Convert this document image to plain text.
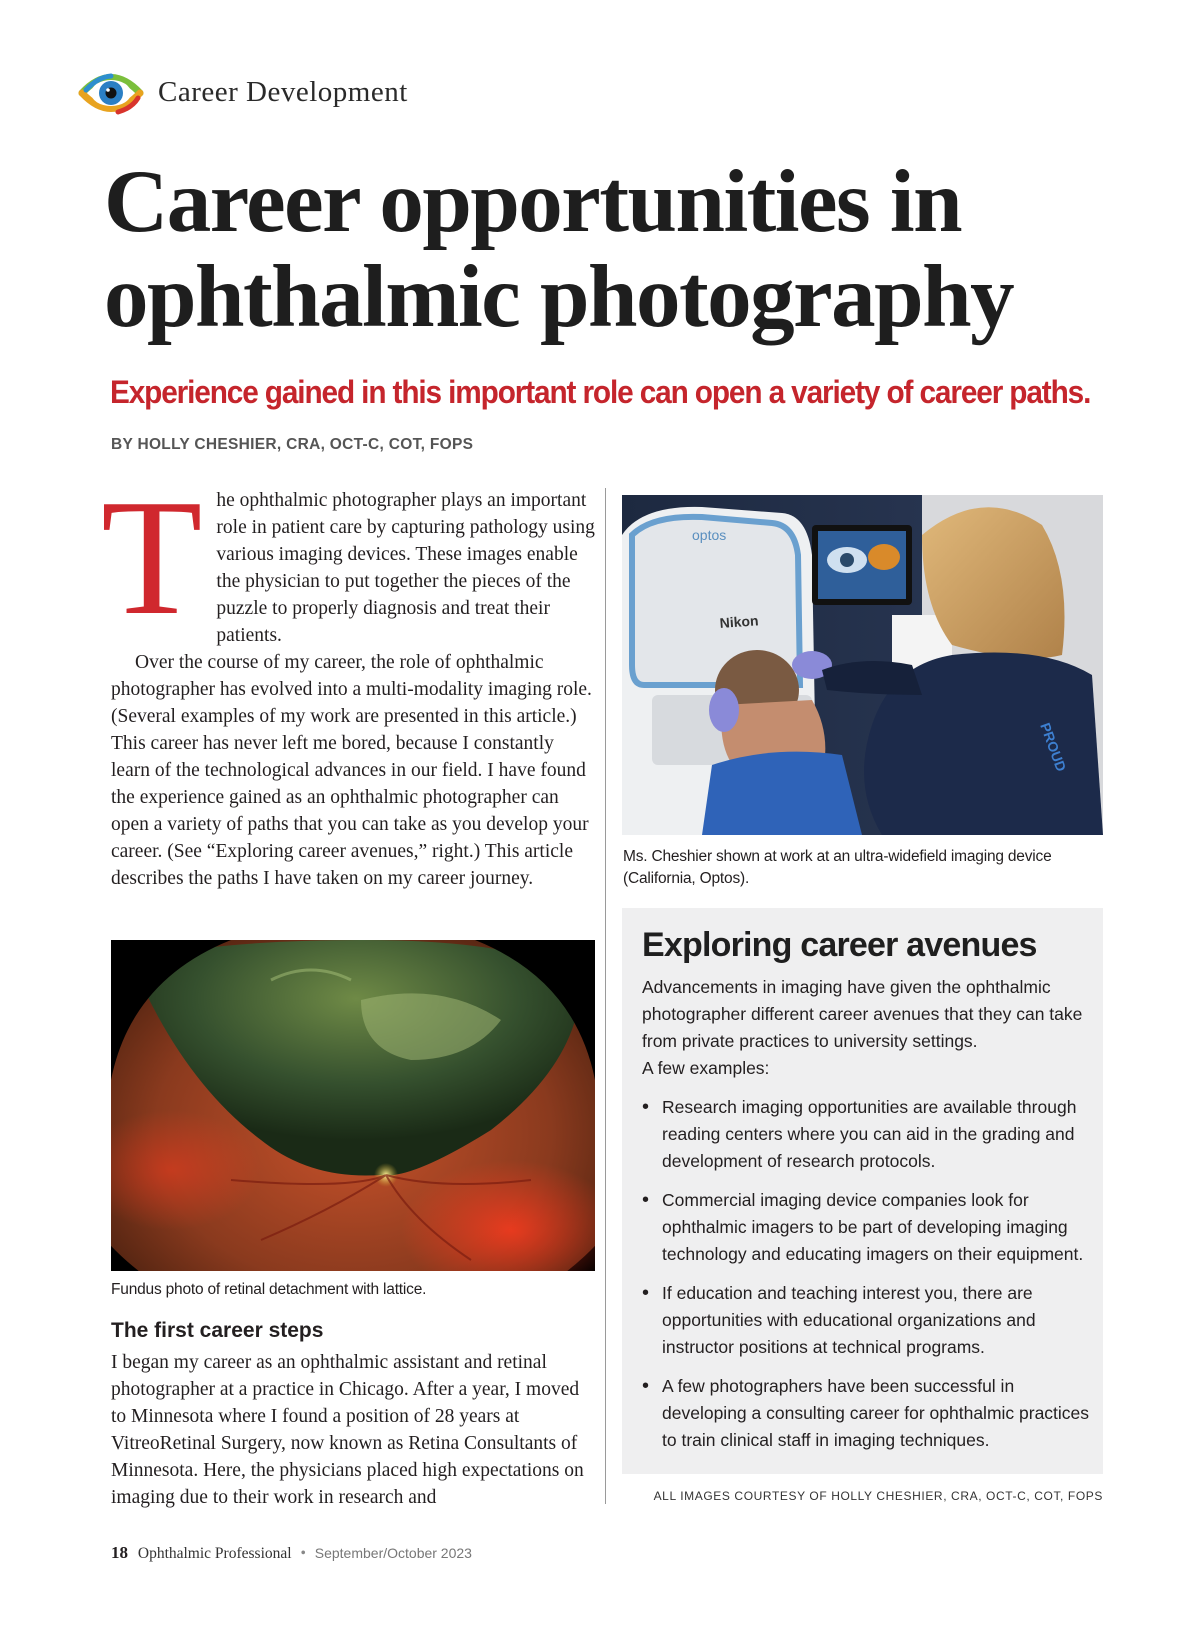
Career Development
Career opportunities in ophthalmic photography
Experience gained in this important role can open a variety of career paths.
BY HOLLY CHESHIER, CRA, OCT-C, COT, FOPS
T he ophthalmic photographer plays an important role in patient care by capturing pathology using various imaging devices. These images enable the physician to put together the pieces of the puzzle to properly diagnosis and treat their patients.

Over the course of my career, the role of ophthalmic photographer has evolved into a multi-modality imaging role. (Several examples of my work are presented in this article.) This career has never left me bored, because I constantly learn of the technological advances in our field. I have found the experience gained as an ophthalmic photographer can open a variety of paths that you can take as you develop your career. (See “Exploring career avenues,” right.) This article describes the paths I have taken on my career journey.

Fundus photo of retinal detachment with lattice.
The first career steps

I began my career as an ophthalmic assistant and retinal photographer at a practice in Chicago. After a year, I moved to Minnesota where I found a position of 28 years at VitreoRetinal Surgery, now known as Retina Consultants of Minnesota. Here, the physicians placed high expectations on imaging due to their work in research and

optos
Nikon
PROUD
Ms. Cheshier shown at work at an ultra-widefield imaging device (California, Optos).
Exploring career avenues

Advancements in imaging have given the ophthalmic photographer different career avenues that they can take from private practices to university settings.
A few examples:

• Research imaging opportunities are available through reading centers where you can aid in the grading and development of research protocols.
• Commercial imaging device companies look for ophthalmic imagers to be part of developing imaging technology and educating imagers on their equipment.
• If education and teaching interest you, there are opportunities with educational organizations and instructor positions at technical programs.
• A few photographers have been successful in developing a consulting career for ophthalmic practices to train clinical staff in imaging techniques.
ALL IMAGES COURTESY OF HOLLY CHESHIER, CRA, OCT-C, COT, FOPS
18 Ophthalmic Professional • September/October 2023
